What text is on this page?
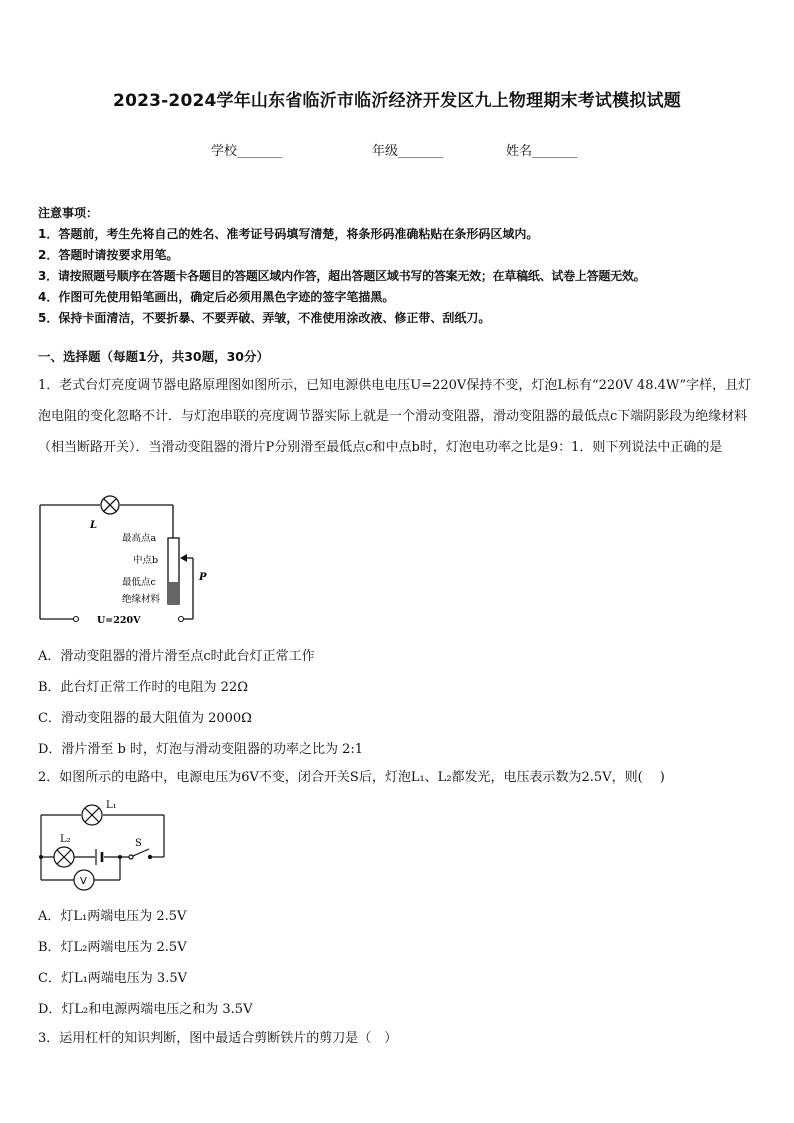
2023-2024学年山东省临沂市临沂经济开发区九上物理期末考试模拟试题
学校_______	年级_______	姓名_______
注意事项：
1．答题前，考生先将自己的姓名、准考证号码填写清楚，将条形码准确粘贴在条形码区域内。
2．答题时请按要求用笔。
3．请按照题号顺序在答题卡各题目的答题区域内作答，超出答题区域书写的答案无效；在草稿纸、试卷上答题无效。
4．作图可先使用铅笔画出，确定后必须用黑色字迹的签字笔描黑。
5．保持卡面清洁，不要折暴、不要弄破、弄皱，不准使用涂改液、修正带、刮纸刀。
一、选择题（每题1分，共30题，30分）
1．老式台灯亮度调节器电路原理图如图所示，已知电源供电电压U=220V保持不变，灯泡L标有“220V 48.4W”字样，且灯泡电阻的变化忽略不计．与灯泡串联的亮度调节器实际上就是一个滑动变阻器，滑动变阻器的最低点c下端阴影段为绝缘材料（相当断路开关）．当滑动变阻器的滑片P分别滑至最低点c和中点b时，灯泡电功率之比是9：1．则下列说法中正确的是
L
最高点a
中点b
最低点c
绝缘材料
P
U=220V
A．滑动变阻器的滑片滑至点c时此台灯正常工作
B．此台灯正常工作时的电阻为 22Ω
C．滑动变阻器的最大阻值为 2000Ω
D．滑片滑至 b 时，灯泡与滑动变阻器的功率之比为 2:1
2．如图所示的电路中，电源电压为6V不变，闭合开关S后，灯泡L₁、L₂都发光，电压表示数为2.5V，则(　 )
V
L₁
L₂	S
A．灯L₁两端电压为 2.5V
B．灯L₂两端电压为 2.5V
C．灯L₁两端电压为 3.5V
D．灯L₂和电源两端电压之和为 3.5V
3．运用杠杆的知识判断，图中最适合剪断铁片的剪刀是（　）
